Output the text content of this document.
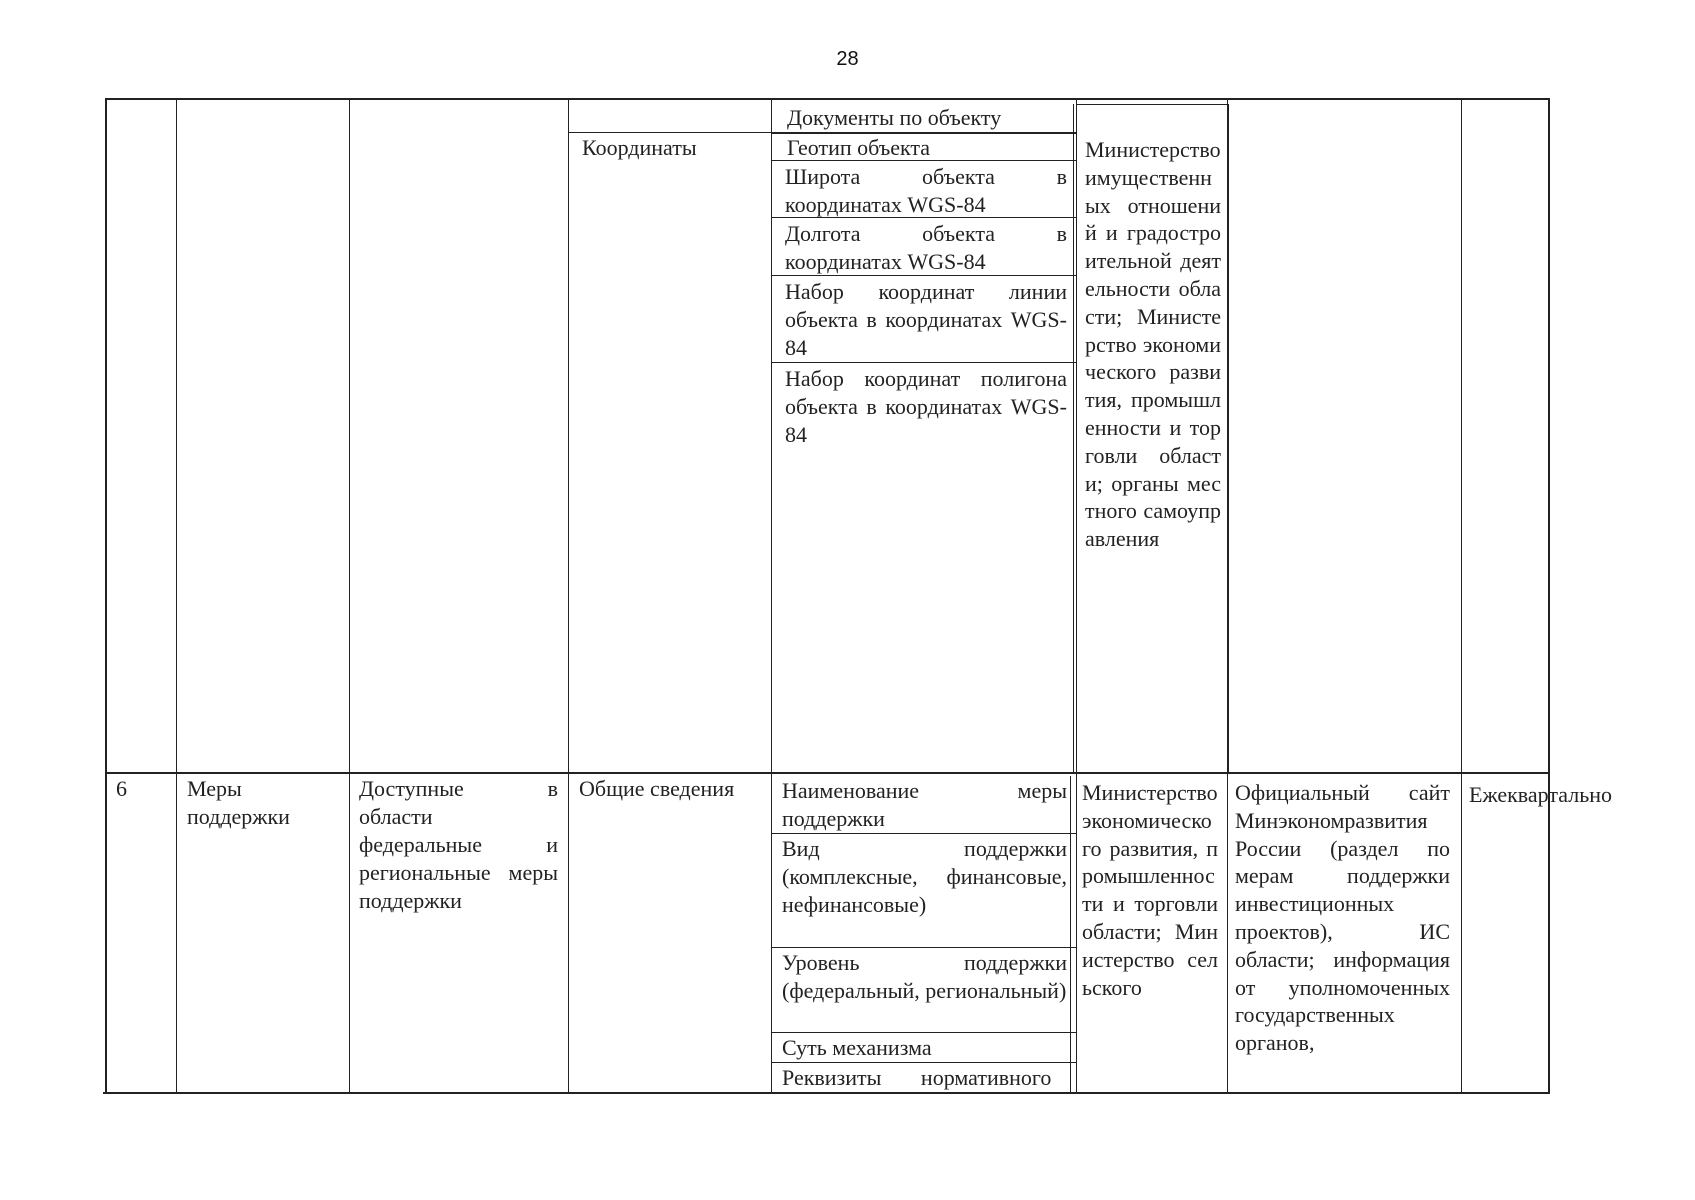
28
Координаты
Документы по объекту
Геотип объекта
Широта объекта в координатах WGS-84
Долгота объекта в координатах WGS-84
Набор координат линии объекта в координатах WGS-84
Набор координат полигона объекта в координатах WGS-84
Министерство имущественных отношений и градостроительной деятельности области; Министерство экономического развития, промышленности и торговли области; органы местного самоуправления
6	Меры поддержки
Доступные в области федеральные и региональные меры поддержки
Общие сведения	Наименование меры поддержки
Вид поддержки (комплексные, финансовые, нефинансовые)
Уровень поддержки (федеральный, региональный)
Суть механизма
Реквизиты нормативного
Министерство экономического развития, промышленности и торговли области; Министерство сельского
Официальный сайт Минэкономразвития России (раздел по мерам поддержки инвестиционных проектов), ИС области; информация от уполномоченных государственных органов,
Ежеквартально
